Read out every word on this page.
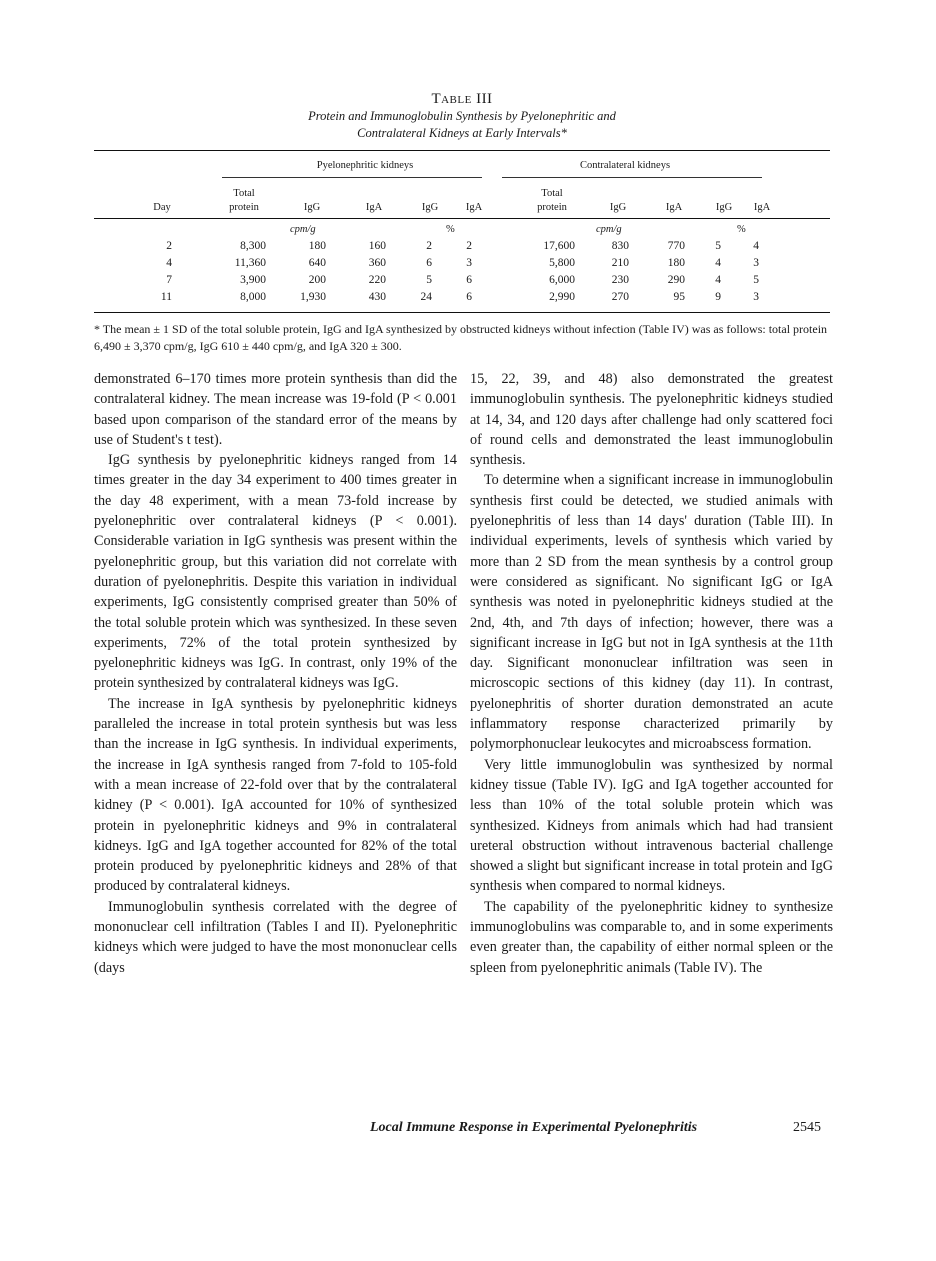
Table III
Protein and Immunoglobulin Synthesis by Pyelonephritic and
Contralateral Kidneys at Early Intervals*
Pyelonephritic kidneys	Contralateral kidneys
Day
Total
protein	IgG	IgA	IgG	IgA
Total
protein	IgG	IgA	IgG	IgA
cpm/g	%	cpm/g	%
2	8,300	180	160	2	2	17,600	830	770	5	4
4	11,360	640	360	6	3	5,800	210	180	4	3
7	3,900	200	220	5	6	6,000	230	290	4	5
11	8,000	1,930	430	24	6	2,990	270	95	9	3
* The mean ± 1 SD of the total soluble protein, IgG and IgA synthesized by obstructed kidneys without infection (Table IV) was as follows: total protein 6,490 ± 3,370 cpm/g, IgG 610 ± 440 cpm/g, and IgA 320 ± 300.

demonstrated 6–170 times more protein synthesis than did the contralateral kidney. The mean increase was 19-fold (P < 0.001 based upon comparison of the standard error of the means by use of Student's t test).

IgG synthesis by pyelonephritic kidneys ranged from 14 times greater in the day 34 experiment to 400 times greater in the day 48 experiment, with a mean 73-fold increase by pyelonephritic over contralateral kidneys (P < 0.001). Considerable variation in IgG synthesis was present within the pyelonephritic group, but this variation did not correlate with duration of pyelonephritis. Despite this variation in individual experiments, IgG consistently comprised greater than 50% of the total soluble protein which was synthesized. In these seven experiments, 72% of the total protein synthesized by pyelonephritic kidneys was IgG. In contrast, only 19% of the protein synthesized by contralateral kidneys was IgG.

The increase in IgA synthesis by pyelonephritic kidneys paralleled the increase in total protein synthesis but was less than the increase in IgG synthesis. In individual experiments, the increase in IgA synthesis ranged from 7-fold to 105-fold with a mean increase of 22-fold over that by the contralateral kidney (P < 0.001). IgA accounted for 10% of synthesized protein in pyelonephritic kidneys and 9% in contralateral kidneys. IgG and IgA together accounted for 82% of the total protein produced by pyelonephritic kidneys and 28% of that produced by contralateral kidneys.

Immunoglobulin synthesis correlated with the degree of mononuclear cell infiltration (Tables I and II). Pyelonephritic kidneys which were judged to have the most mononuclear cells (days

15, 22, 39, and 48) also demonstrated the greatest immunoglobulin synthesis. The pyelonephritic kidneys studied at 14, 34, and 120 days after challenge had only scattered foci of round cells and demonstrated the least immunoglobulin synthesis.

To determine when a significant increase in immunoglobulin synthesis first could be detected, we studied animals with pyelonephritis of less than 14 days' duration (Table III). In individual experiments, levels of synthesis which varied by more than 2 SD from the mean synthesis by a control group were considered as significant. No significant IgG or IgA synthesis was noted in pyelonephritic kidneys studied at the 2nd, 4th, and 7th days of infection; however, there was a significant increase in IgG but not in IgA synthesis at the 11th day. Significant mononuclear infiltration was seen in microscopic sections of this kidney (day 11). In contrast, pyelonephritis of shorter duration demonstrated an acute inflammatory response characterized primarily by polymorphonuclear leukocytes and microabscess formation.

Very little immunoglobulin was synthesized by normal kidney tissue (Table IV). IgG and IgA together accounted for less than 10% of the total soluble protein which was synthesized. Kidneys from animals which had had transient ureteral obstruction without intravenous bacterial challenge showed a slight but significant increase in total protein and IgG synthesis when compared to normal kidneys.

The capability of the pyelonephritic kidney to synthesize immunoglobulins was comparable to, and in some experiments even greater than, the capability of either normal spleen or the spleen from pyelonephritic animals (Table IV). The

Local Immune Response in Experimental Pyelonephritis	2545
